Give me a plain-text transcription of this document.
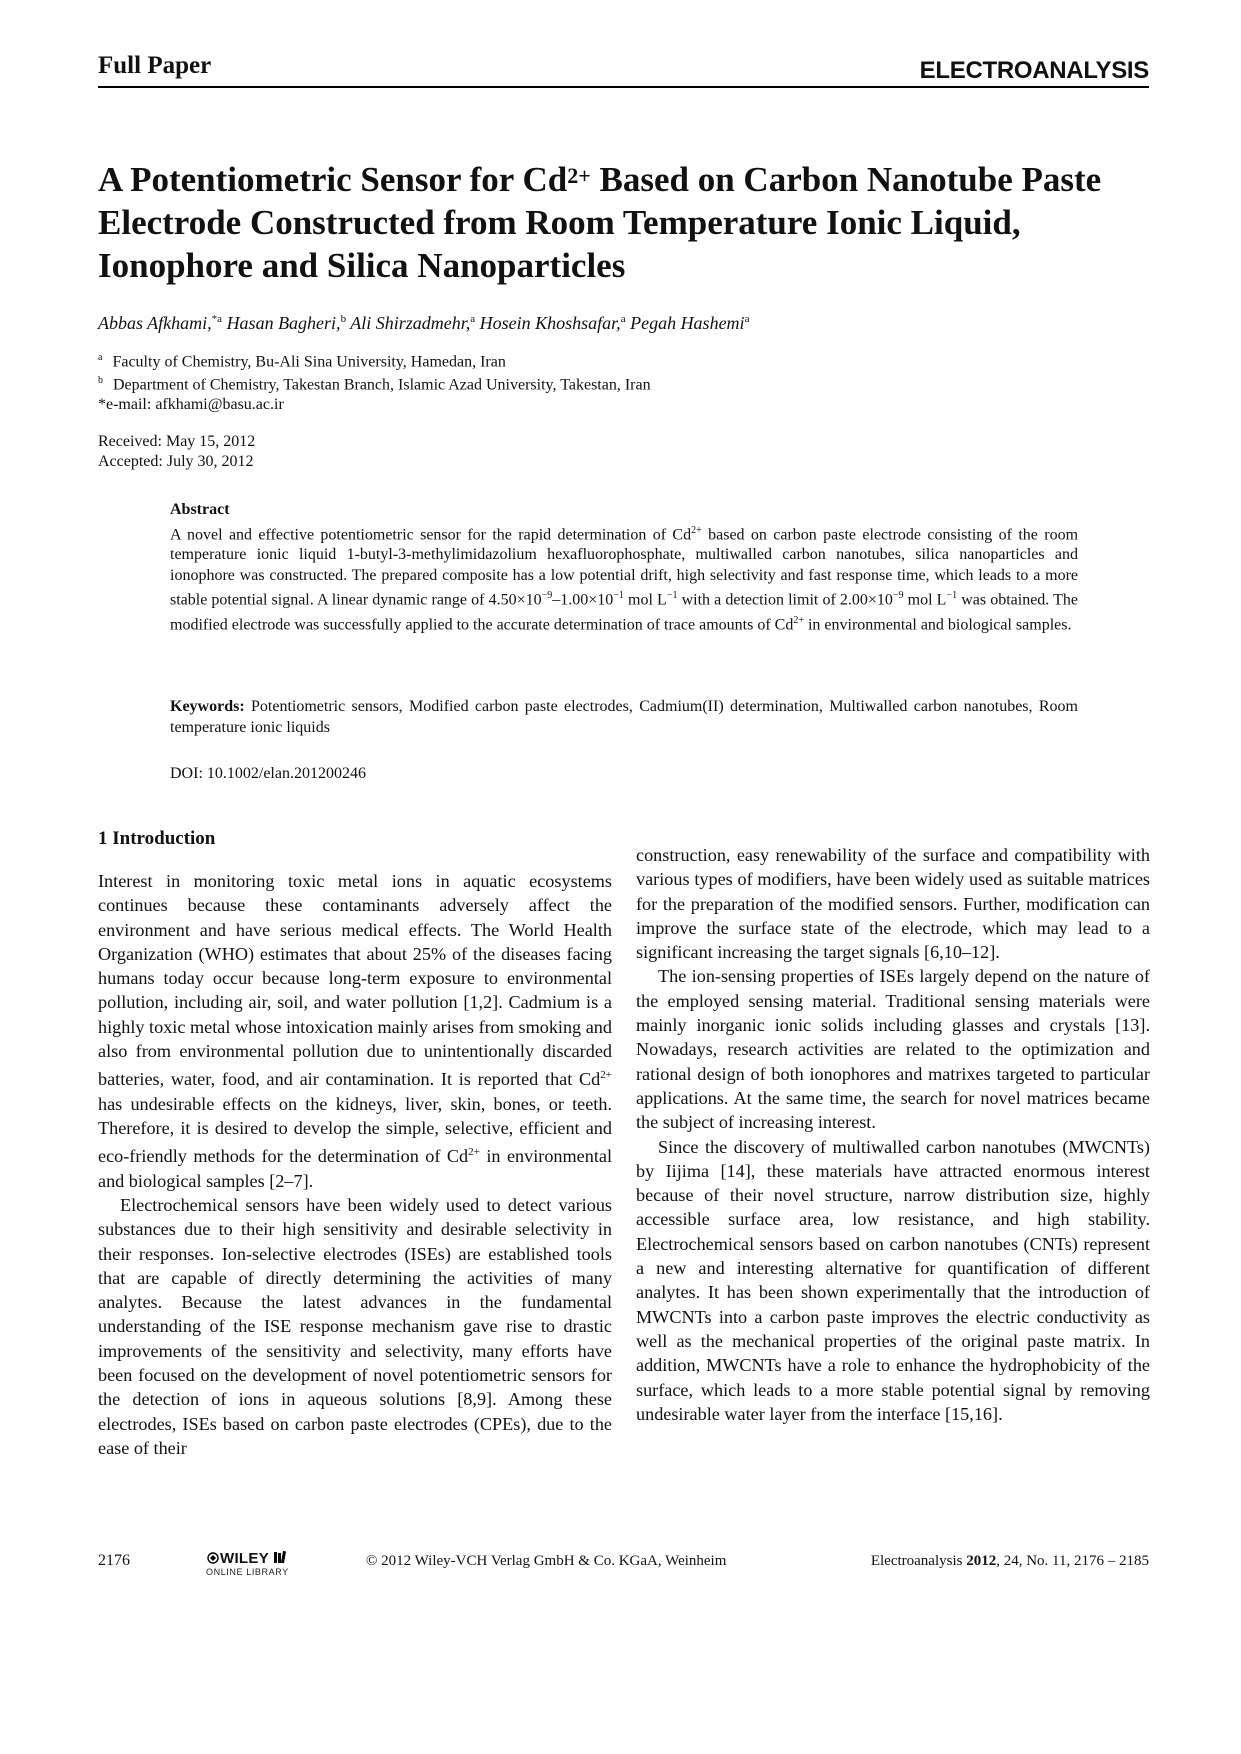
Full Paper	ELECTROANALYSIS
A Potentiometric Sensor for $Cd^{2+}$ Based on Carbon Nanotube Paste Electrode Constructed from Room Temperature Ionic Liquid, Ionophore and Silica Nanoparticles
Abbas Afkhami,$^{*a}$ Hasan Bagheri,$^b$ Ali Shirzadmehr,$^a$ Hosein Khoshsafar,$^a$ Pegah Hashemi$^a$
$^a$ Faculty of Chemistry, Bu-Ali Sina University, Hamedan, Iran
$^b$ Department of Chemistry, Takestan Branch, Islamic Azad University, Takestan, Iran
*e-mail: afkhami@basu.ac.ir
Received: May 15, 2012
Accepted: July 30, 2012
Abstract
A novel and effective potentiometric sensor for the rapid determination of $Cd^{2+}$ based on carbon paste electrode consisting of the room temperature ionic liquid 1-butyl-3-methylimidazolium hexafluorophosphate, multiwalled carbon nanotubes, silica nanoparticles and ionophore was constructed. The prepared composite has a low potential drift, high selectivity and fast response time, which leads to a more stable potential signal. A linear dynamic range of $4.50\times 10^{-9}-1.00\times 10^{-1}$ mol $L^{-1}$ with a detection limit of $2.00\times 10^{-9}$ mol $L^{-1}$ was obtained. The modified electrode was successfully applied to the accurate determination of trace amounts of $Cd^{2+}$ in environmental and biological samples.
Keywords: Potentiometric sensors, Modified carbon paste electrodes, Cadmium(II) determination, Multiwalled carbon nanotubes, Room temperature ionic liquids
DOI: 10.1002/elan.201200246
1 Introduction

Interest in monitoring toxic metal ions in aquatic ecosystems continues because these contaminants adversely affect the environment and have serious medical effects. The World Health Organization (WHO) estimates that about 25% of the diseases facing humans today occur because long-term exposure to environmental pollution, including air, soil, and water pollution [1,2]. Cadmium is a highly toxic metal whose intoxication mainly arises from smoking and also from environmental pollution due to unintentionally discarded batteries, water, food, and air contamination. It is reported that $Cd^{2+}$ has undesirable effects on the kidneys, liver, skin, bones, or teeth. Therefore, it is desired to develop the simple, selective, efficient and eco-friendly methods for the determination of $Cd^{2+}$ in environmental and biological samples [2–7].

Electrochemical sensors have been widely used to detect various substances due to their high sensitivity and desirable selectivity in their responses. Ion-selective electrodes (ISEs) are established tools that are capable of directly determining the activities of many analytes. Because the latest advances in the fundamental understanding of the ISE response mechanism gave rise to drastic improvements of the sensitivity and selectivity, many efforts have been focused on the development of novel potentiometric sensors for the detection of ions in aqueous solutions [8,9]. Among these electrodes, ISEs based on carbon paste electrodes (CPEs), due to the ease of their

construction, easy renewability of the surface and compatibility with various types of modifiers, have been widely used as suitable matrices for the preparation of the modified sensors. Further, modification can improve the surface state of the electrode, which may lead to a significant increasing the target signals [6,10–12].

The ion-sensing properties of ISEs largely depend on the nature of the employed sensing material. Traditional sensing materials were mainly inorganic ionic solids including glasses and crystals [13]. Nowadays, research activities are related to the optimization and rational design of both ionophores and matrixes targeted to particular applications. At the same time, the search for novel matrices became the subject of increasing interest.

Since the discovery of multiwalled carbon nanotubes (MWCNTs) by Iijima [14], these materials have attracted enormous interest because of their novel structure, narrow distribution size, highly accessible surface area, low resistance, and high stability. Electrochemical sensors based on carbon nanotubes (CNTs) represent a new and interesting alternative for quantification of different analytes. It has been shown experimentally that the introduction of MWCNTs into a carbon paste improves the electric conductivity as well as the mechanical properties of the original paste matrix. In addition, MWCNTs have a role to enhance the hydrophobicity of the surface, which leads to a more stable potential signal by removing undesirable water layer from the interface [15,16].

2176	WILEY
ONLINE LIBRARY
© 2012 Wiley-VCH Verlag GmbH & Co. KGaA, Weinheim	Electroanalysis 2012, 24, No. 11, 2176 – 2185
